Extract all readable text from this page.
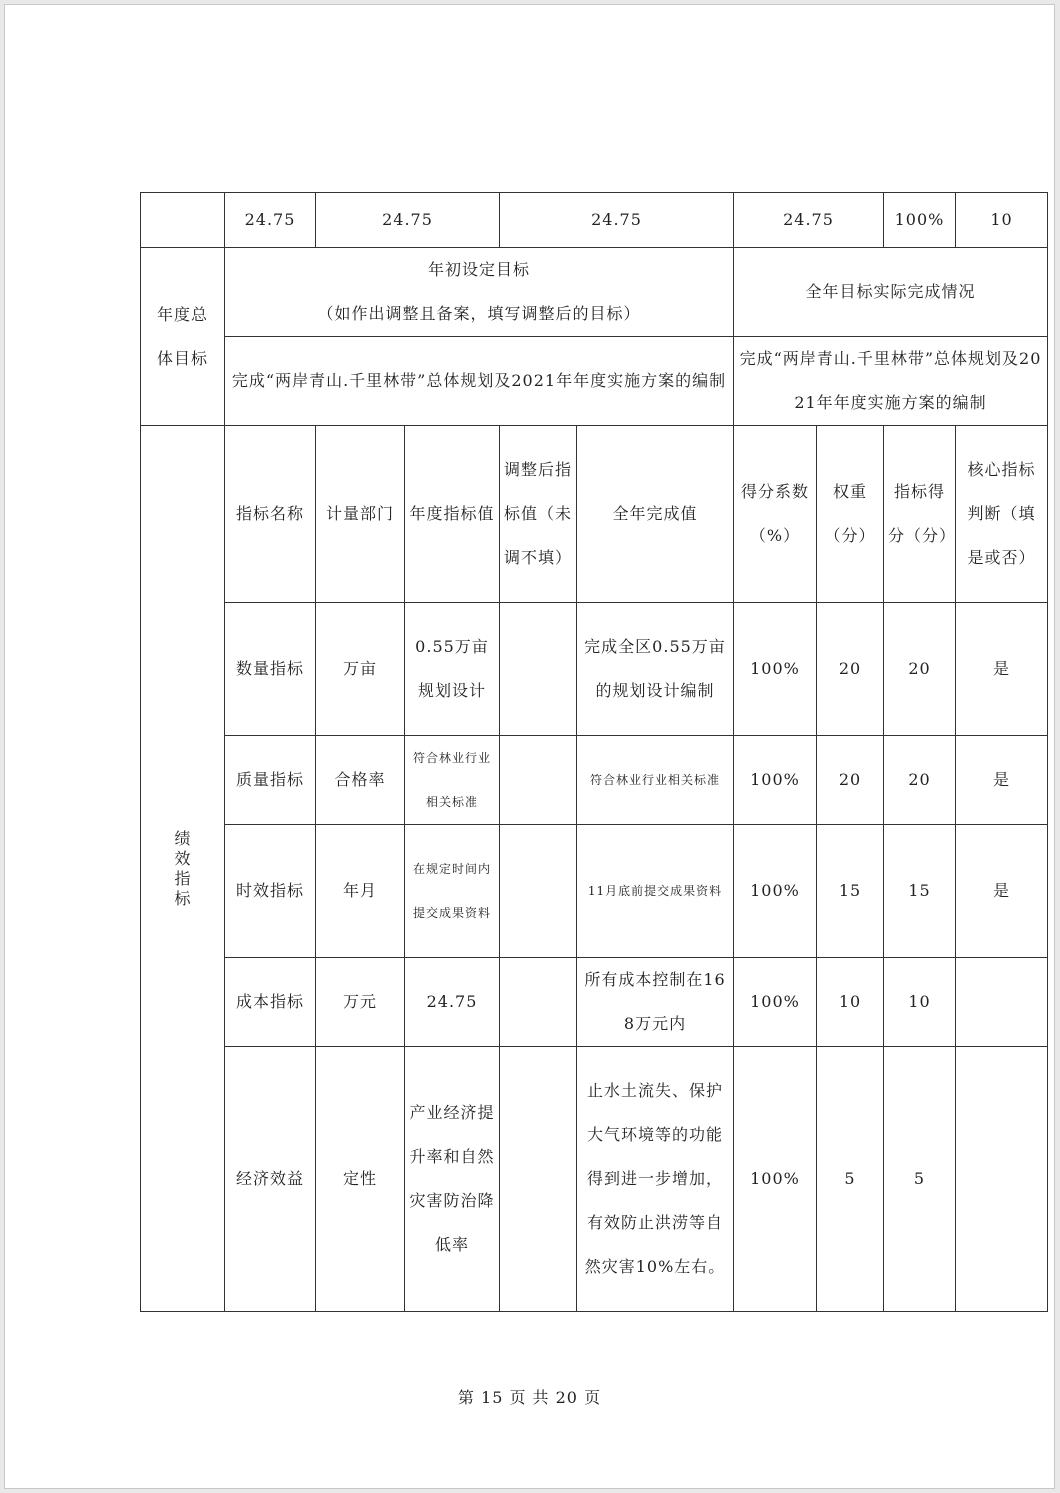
	24.75	24.75		24.75		24.75		100%	10

年度总体目标	年初设定目标
（如作出调整且备案，填写调整后的目标）					全年目标实际完成情况			
	完成“两岸青山.千里林带”总体规划及2021年年度实施方案的编制					完成“两岸青山.千里林带”总体规划及2021年年度实施方案的编制			

绩效指标	指标名称	计量部门	年度指标值	调整后指标值（未调不填）	全年完成值	得分系数（%）	权重（分）	指标得分（分）	核心指标判断（填是或否）
	数量指标	万亩	0.55万亩规划设计		完成全区0.55万亩的规划设计编制	100%	20	20	是
	质量指标	合格率	符合林业行业相关标准		符合林业行业相关标准	100%	20	20	是
	时效指标	年月	在规定时间内提交成果资料		11月底前提交成果资料	100%	15	15	是
	成本指标	万元	24.75		所有成本控制在168万元内	100%	10	10	
	经济效益	定性	产业经济提升率和自然灾害防治降低率		止水土流失、保护大气环境等的功能得到进一步增加，有效防止洪涝等自然灾害10%左右。	100%	5	5	
第 15 页 共 20 页
